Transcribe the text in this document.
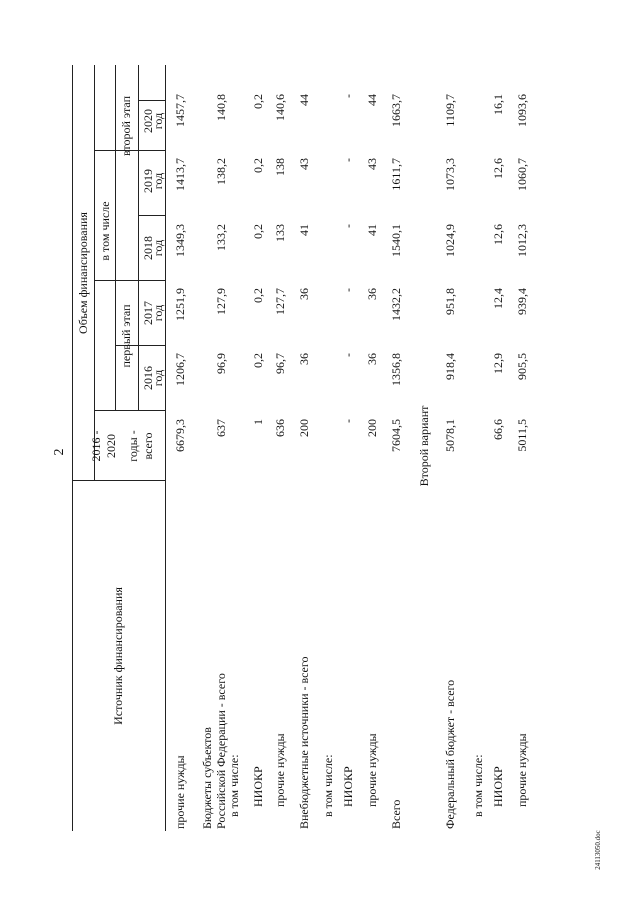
2
24113050.doc
Источник финансирования
Объем финансирования в том числе
первый этап
второй этап
2016 - 2020 годы - всего
2016
год
2017
год
2018
год
2019
год
2020
год
прочие нужды
6679,3
1206,7
1251,9
1349,3
1413,7
1457,7
Бюджеты субъектов Российской Федерации - всего
637
96,9
127,9
133,2
138,2
140,8
в том числе: НИОКР
1
0,2
0,2
0,2
0,2
0,2
прочие нужды
636
96,7
127,7
133
138
140,6
Внебюджетные источники - всего
200
36
36
41
43
44
в том числе: НИОКР
-
-
-
-
-
-
прочие нужды
200
36
36
41
43
44
Всего
7604,5
1356,8
1432,2
1540,1
1611,7
1663,7
Второй вариант
Федеральный бюджет - всего
5078,1
918,4
951,8
1024,9
1073,3
1109,7
в том числе: НИОКР
66,6
12,9
12,4
12,6
12,6
16,1
прочие нужды
5011,5
905,5
939,4
1012,3
1060,7
1093,6
